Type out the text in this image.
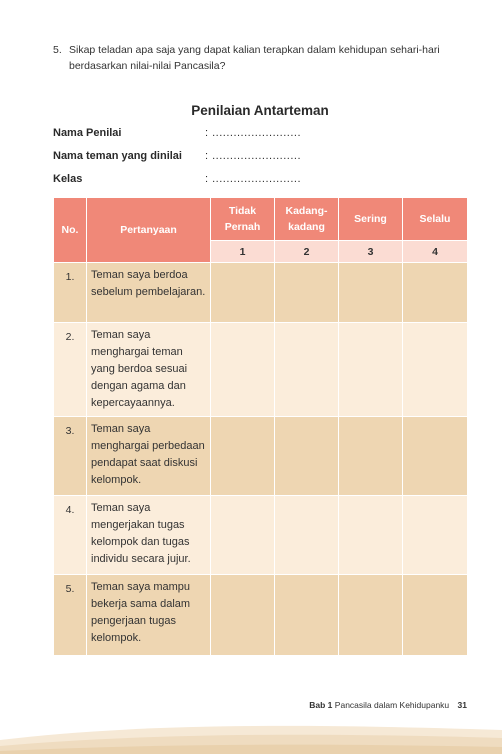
5. Sikap teladan apa saja yang dapat kalian terapkan dalam kehidupan sehari-hari berdasarkan nilai-nilai Pancasila?
Penilaian Antarteman
Nama Penilai	: .........................
Nama teman yang dinilai : .........................
Kelas	: .........................
No.	Pertanyaan	Tidak Pernah	Kadang-kadang	Sering	Selalu
		1	2	3	4
1.	Teman saya berdoa sebelum pembelajaran.				
2.	Teman saya menghargai teman yang berdoa sesuai dengan agama dan kepercayaannya.				
3.	Teman saya menghargai perbedaan pendapat saat diskusi kelompok.				
4.	Teman saya mengerjakan tugas kelompok dan tugas individu secara jujur.				
5.	Teman saya mampu bekerja sama dalam pengerjaan tugas kelompok.				
Bab 1 Pancasila dalam Kehidupanku 31
